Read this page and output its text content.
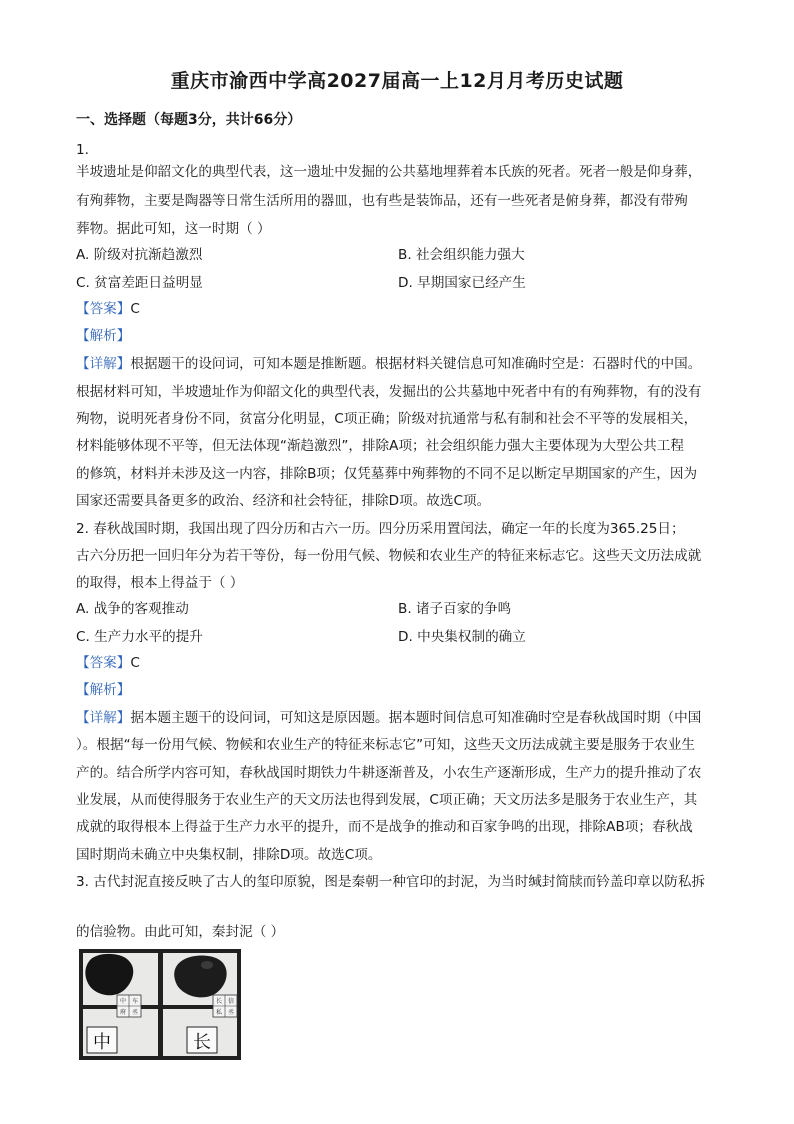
重庆市渝西中学高2027届高一上12月月考历史试题
一、选择题（每题3分，共计66分）
1.
半坡遗址是仰韶文化的典型代表，这一遗址中发掘的公共墓地埋葬着本氏族的死者。死者一般是仰身葬，
有殉葬物，主要是陶器等日常生活所用的器皿，也有些是装饰品，还有一些死者是俯身葬，都没有带殉
葬物。据此可知，这一时期（ ）
A. 阶级对抗渐趋激烈	B. 社会组织能力强大
C. 贫富差距日益明显	D. 早期国家已经产生
【答案】C
【解析】
【详解】根据题干的设问词，可知本题是推断题。根据材料关键信息可知准确时空是：石器时代的中国。
根据材料可知，半坡遗址作为仰韶文化的典型代表，发掘出的公共墓地中死者中有的有殉葬物，有的没有
殉物，说明死者身份不同，贫富分化明显，C项正确；阶级对抗通常与私有制和社会不平等的发展相关，
材料能够体现不平等，但无法体现“渐趋激烈”，排除A项；社会组织能力强大主要体现为大型公共工程
的修筑，材料并未涉及这一内容，排除B项；仅凭墓葬中殉葬物的不同不足以断定早期国家的产生，因为
国家还需要具备更多的政治、经济和社会特征，排除D项。故选C项。
2. 春秋战国时期，我国出现了四分历和古六一历。四分历采用置闰法，确定一年的长度为365.25日；
古六分历把一回归年分为若干等份，每一份用气候、物候和农业生产的特征来标志它。这些天文历法成就
的取得，根本上得益于（ ）
A. 战争的客观推动	B. 诸子百家的争鸣
C. 生产力水平的提升	D. 中央集权制的确立
【答案】C
【解析】
【详解】据本题主题干的设问词，可知这是原因题。据本题时间信息可知准确时空是春秋战国时期（中国
）。根据“每一份用气候、物候和农业生产的特征来标志它”可知，这些天文历法成就主要是服务于农业生
产的。结合所学内容可知，春秋战国时期铁力牛耕逐渐普及，小农生产逐渐形成，生产力的提升推动了农
业发展，从而使得服务于农业生产的天文历法也得到发展，C项正确；天文历法多是服务于农业生产，其
成就的取得根本上得益于生产力水平的提升，而不是战争的推动和百家争鸣的出现，排除AB项；春秋战
国时期尚未确立中央集权制，排除D项。故选C项。
3. 古代封泥直接反映了古人的玺印原貌，图是秦朝一种官印的封泥，为当时缄封简牍而钤盖印章以防私拆
的信验物。由此可知，秦封泥（ ）
中 车
府 丞
长 信
私 丞
中	长
